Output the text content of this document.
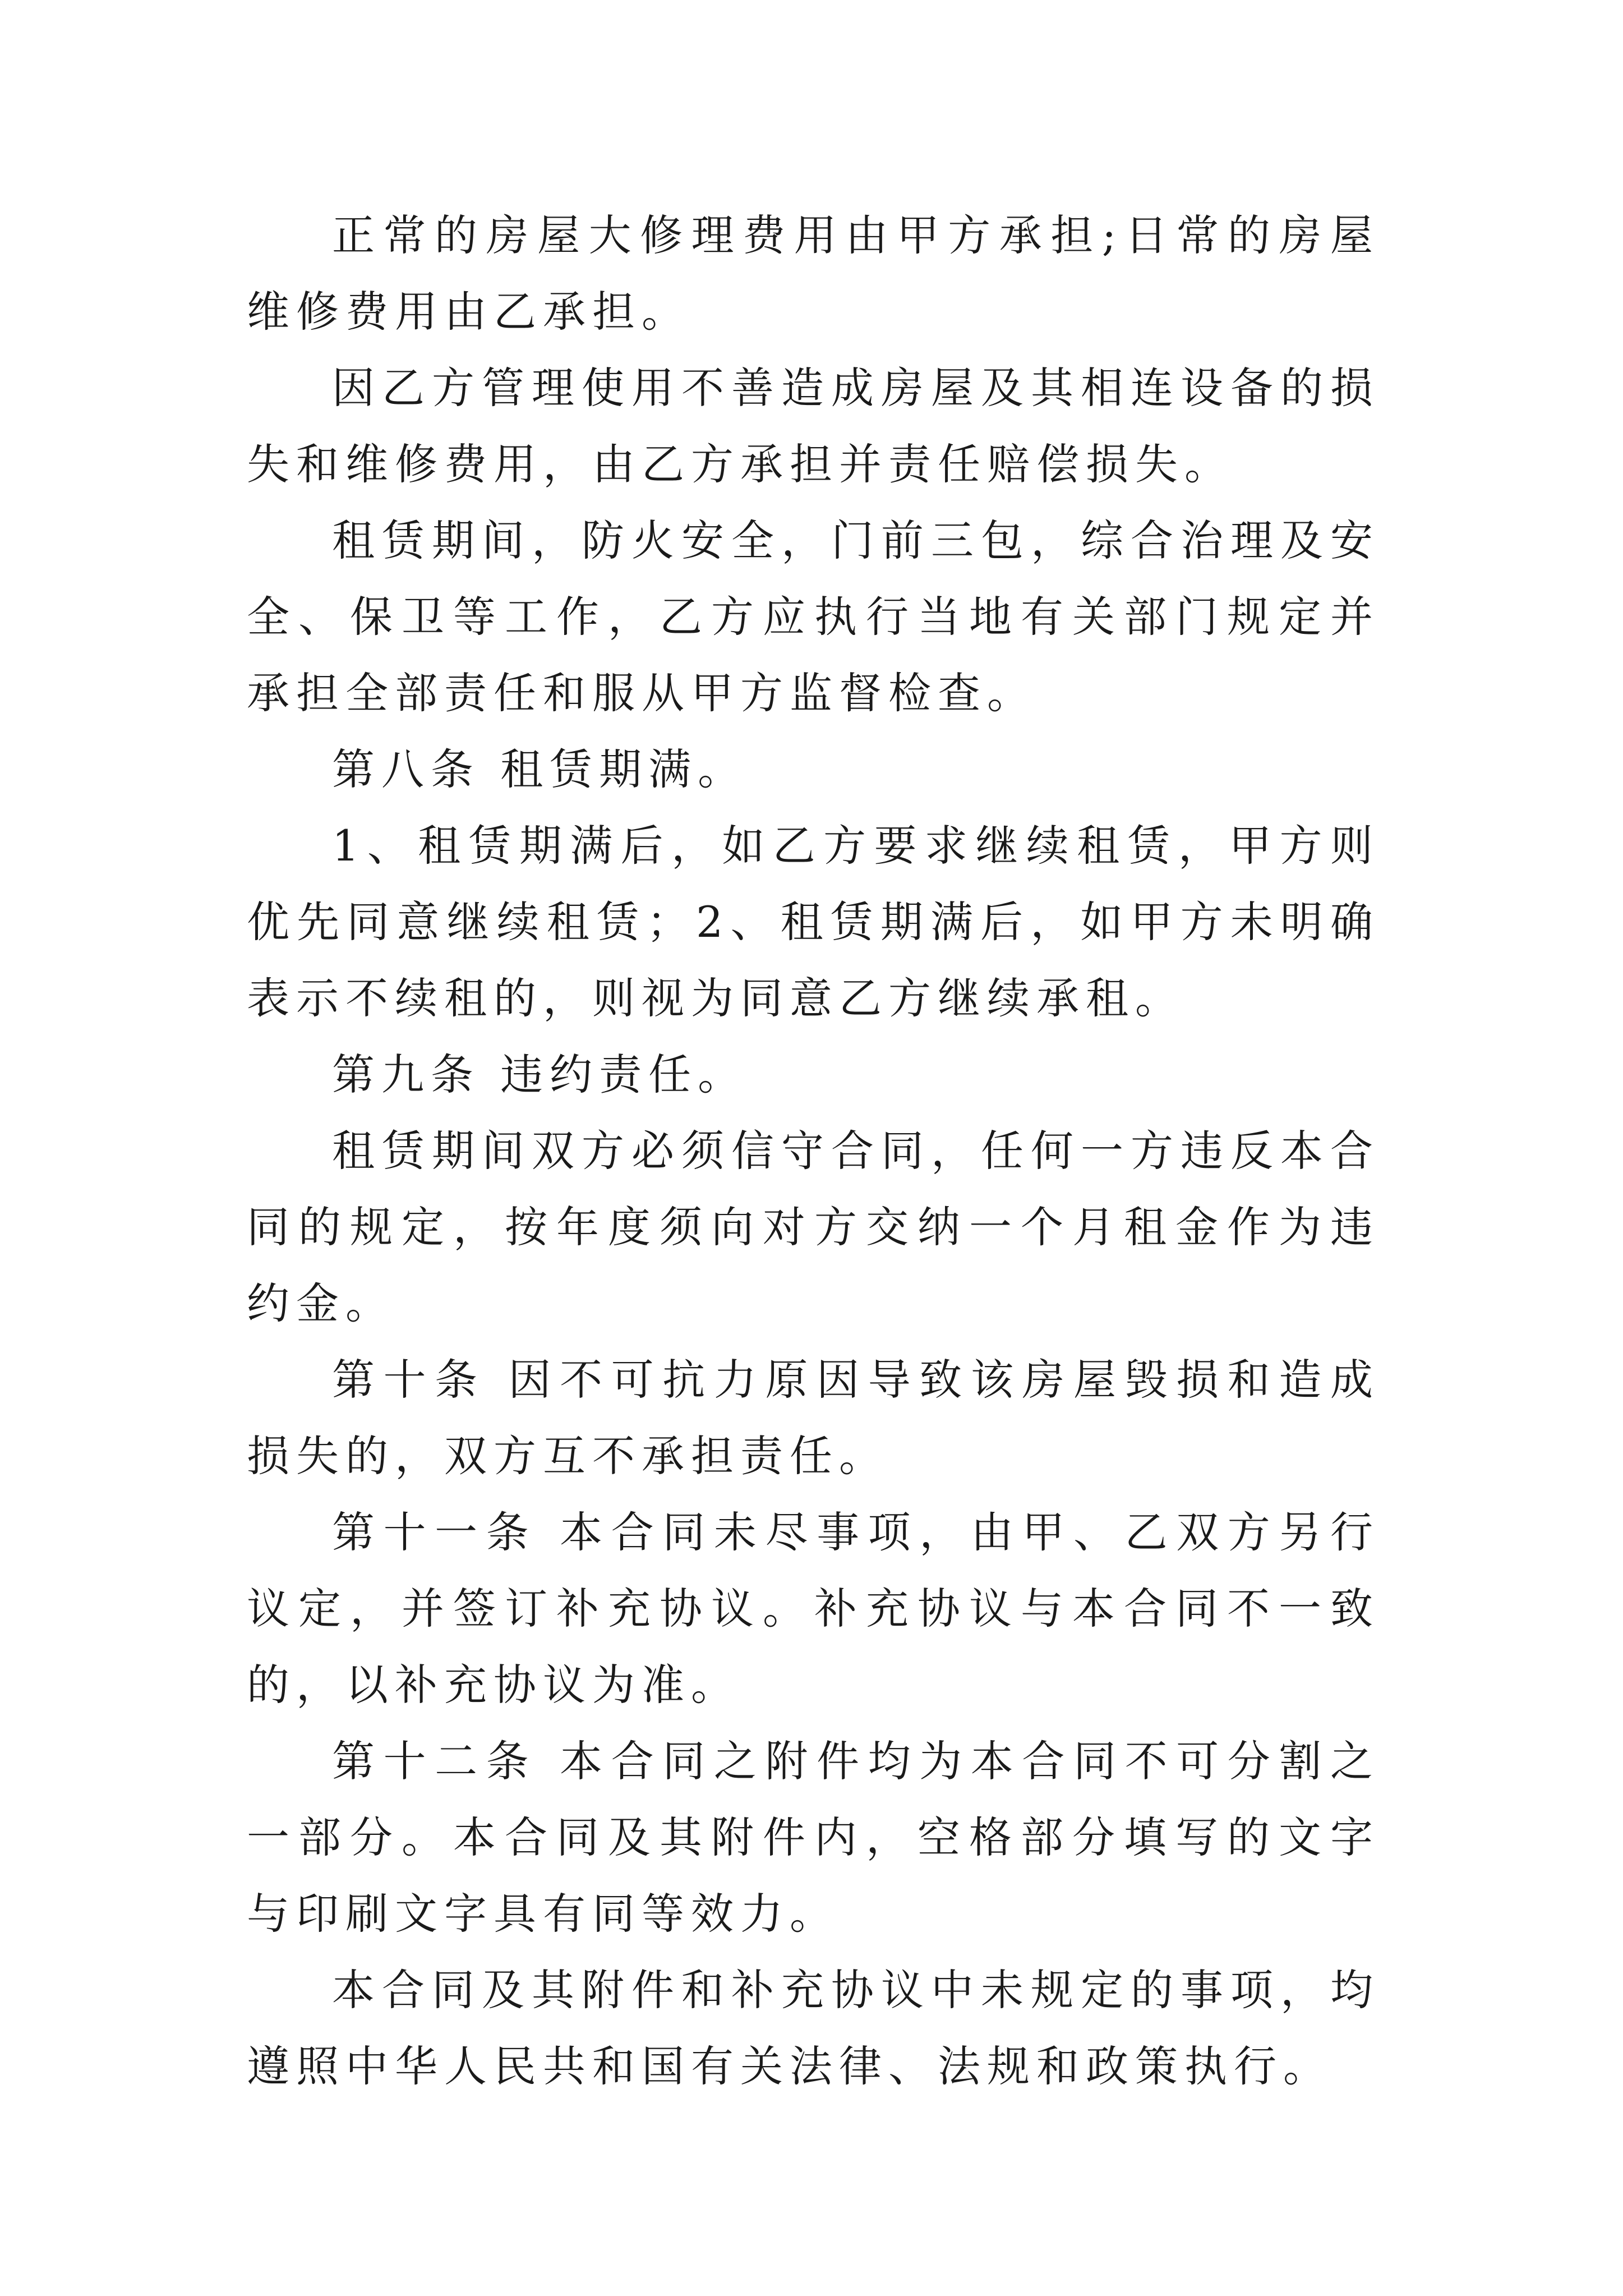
正常的房屋大修理费用由甲方承担;日常的房屋维修费用由乙承担。

因乙方管理使用不善造成房屋及其相连设备的损失和维修费用，由乙方承担并责任赔偿损失。

租赁期间，防火安全，门前三包，综合治理及安全、保卫等工作，乙方应执行当地有关部门规定并承担全部责任和服从甲方监督检查。

第八条 租赁期满。

1、租赁期满后，如乙方要求继续租赁，甲方则优先同意继续租赁；2、租赁期满后，如甲方未明确表示不续租的，则视为同意乙方继续承租。

第九条 违约责任。

租赁期间双方必须信守合同，任何一方违反本合同的规定，按年度须向对方交纳一个月租金作为违约金。

第十条 因不可抗力原因导致该房屋毁损和造成损失的，双方互不承担责任。

第十一条 本合同未尽事项，由甲、乙双方另行议定，并签订补充协议。补充协议与本合同不一致的，以补充协议为准。

第十二条 本合同之附件均为本合同不可分割之一部分。本合同及其附件内，空格部分填写的文字与印刷文字具有同等效力。

本合同及其附件和补充协议中未规定的事项，均遵照中华人民共和国有关法律、法规和政策执行。
